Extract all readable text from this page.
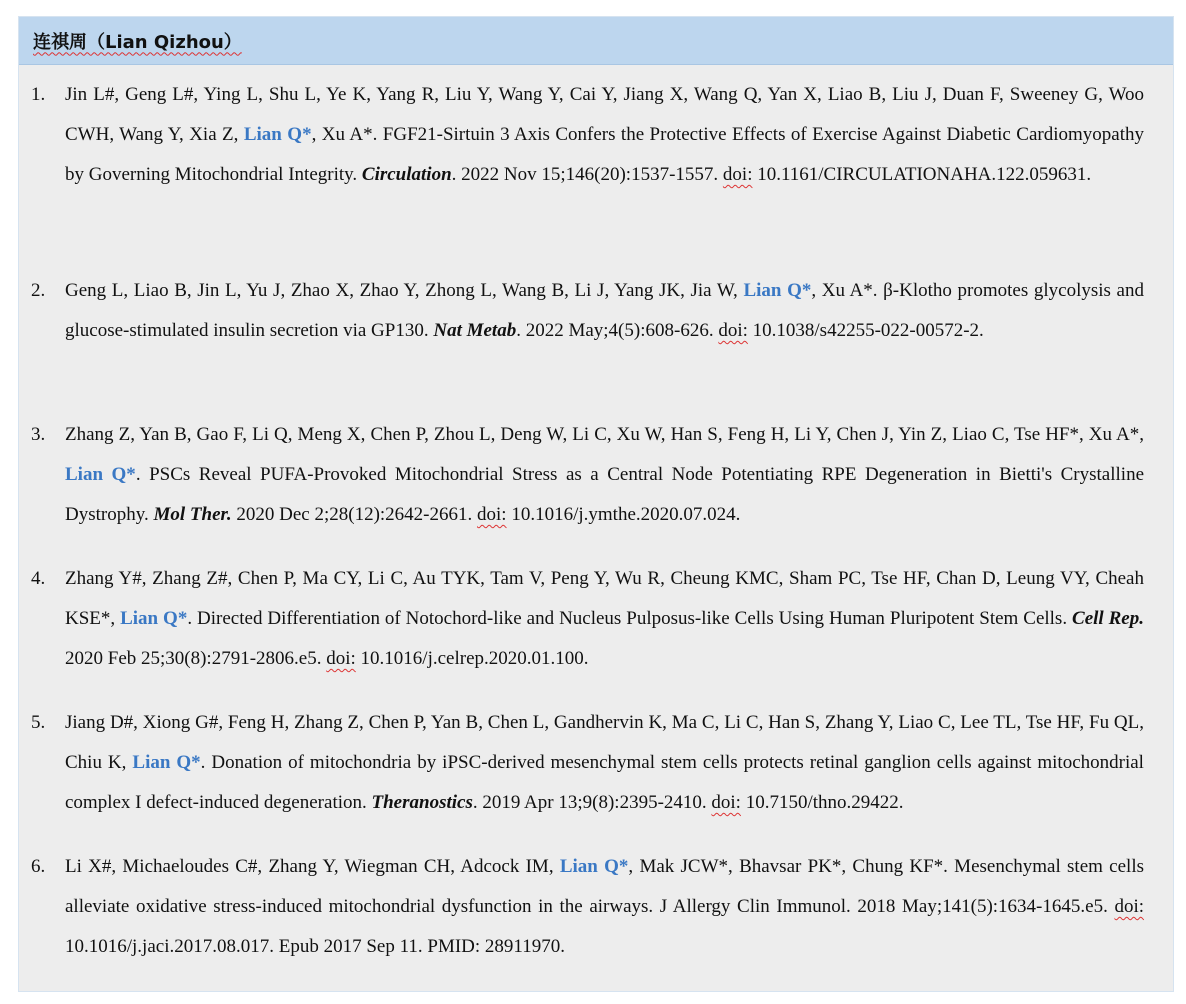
连祺周（Lian Qizhou）
1.	Jin L#, Geng L#, Ying L, Shu L, Ye K, Yang R, Liu Y, Wang Y, Cai Y, Jiang X, Wang Q, Yan X, Liao B, Liu J, Duan F, Sweeney G, Woo CWH, Wang Y, Xia Z, Lian Q*, Xu A*. FGF21-Sirtuin 3 Axis Confers the Protective Effects of Exercise Against Diabetic Cardiomyopathy by Governing Mitochondrial Integrity. Circulation. 2022 Nov 15;146(20):1537-1557. doi: 10.1161/CIRCULATIONAHA.122.059631.
2.	Geng L, Liao B, Jin L, Yu J, Zhao X, Zhao Y, Zhong L, Wang B, Li J, Yang JK, Jia W, Lian Q*, Xu A*. β-Klotho promotes glycolysis and glucose-stimulated insulin secretion via GP130. Nat Metab. 2022 May;4(5):608-626. doi: 10.1038/s42255-022-00572-2.
3.	Zhang Z, Yan B, Gao F, Li Q, Meng X, Chen P, Zhou L, Deng W, Li C, Xu W, Han S, Feng H, Li Y, Chen J, Yin Z, Liao C, Tse HF*, Xu A*, Lian Q*. PSCs Reveal PUFA-Provoked Mitochondrial Stress as a Central Node Potentiating RPE Degeneration in Bietti's Crystalline Dystrophy. Mol Ther. 2020 Dec 2;28(12):2642-2661. doi: 10.1016/j.ymthe.2020.07.024.
4.	Zhang Y#, Zhang Z#, Chen P, Ma CY, Li C, Au TYK, Tam V, Peng Y, Wu R, Cheung KMC, Sham PC, Tse HF, Chan D, Leung VY, Cheah KSE*, Lian Q*. Directed Differentiation of Notochord-like and Nucleus Pulposus-like Cells Using Human Pluripotent Stem Cells. Cell Rep. 2020 Feb 25;30(8):2791-2806.e5. doi: 10.1016/j.celrep.2020.01.100.
5.	Jiang D#, Xiong G#, Feng H, Zhang Z, Chen P, Yan B, Chen L, Gandhervin K, Ma C, Li C, Han S, Zhang Y, Liao C, Lee TL, Tse HF, Fu QL, Chiu K, Lian Q*. Donation of mitochondria by iPSC-derived mesenchymal stem cells protects retinal ganglion cells against mitochondrial complex I defect-induced degeneration. Theranostics. 2019 Apr 13;9(8):2395-2410. doi: 10.7150/thno.29422.
6.	Li X#, Michaeloudes C#, Zhang Y, Wiegman CH, Adcock IM, Lian Q*, Mak JCW*, Bhavsar PK*, Chung KF*. Mesenchymal stem cells alleviate oxidative stress-induced mitochondrial dysfunction in the airways. J Allergy Clin Immunol. 2018 May;141(5):1634-1645.e5. doi: 10.1016/j.jaci.2017.08.017. Epub 2017 Sep 11. PMID: 28911970.
